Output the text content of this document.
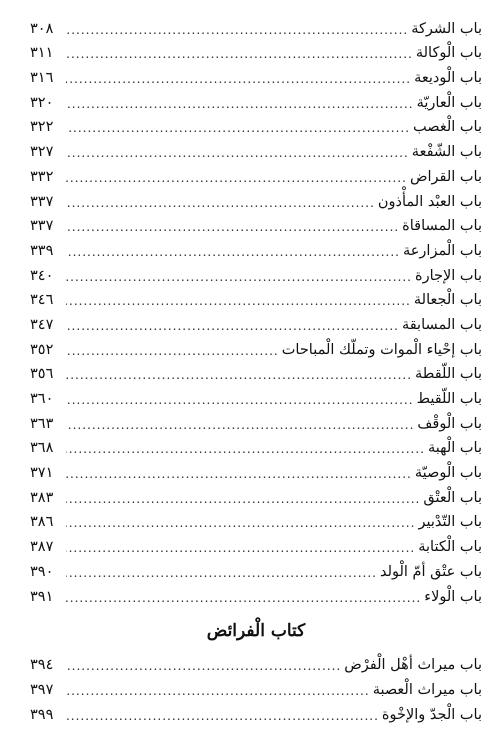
باب الشركة
.....
٣٠٨
باب الْوكالة
.....
٣١١
باب الْوديعة
.....
٣١٦
باب الْعاريّة
.....
٣٢٠
باب الْغصب
.....
٣٢٢
باب الشّفْعة
.....
٣٢٧
باب القراض
.....
٣٣٢
باب العبْد المأْذون
.....
٣٣٧
باب المساقاة
.....
٣٣٧
باب الْمزارعة
.....
٣٣٩
باب الإجارة
.....
٣٤٠
باب الْجعالة
.....
٣٤٦
باب المسابقة
.....
٣٤٧
باب إحْياء الْموات وتملّك الْمباحات
.....
٣٥٢
باب اللّقطة
.....
٣٥٦
باب اللّقيط
.....
٣٦٠
باب الْوقْف
.....
٣٦٣
باب الْهبة
.....
٣٦٨
باب الْوصيّة
.....
٣٧١
باب الْعتْق
.....
٣٨٣
باب التّدْبير
.....
٣٨٦
باب الْكتابة
.....
٣٨٧
باب عتْق أمّ الْولد
.....
٣٩٠
باب الْولاء
.....
٣٩١
كتاب الْفرائض
باب ميراث أهْل الْفرْض
.....
٣٩٤
باب ميراث الْعصبة
.....
٣٩٧
باب الْجدّ والإخْوة
.....
٣٩٩
